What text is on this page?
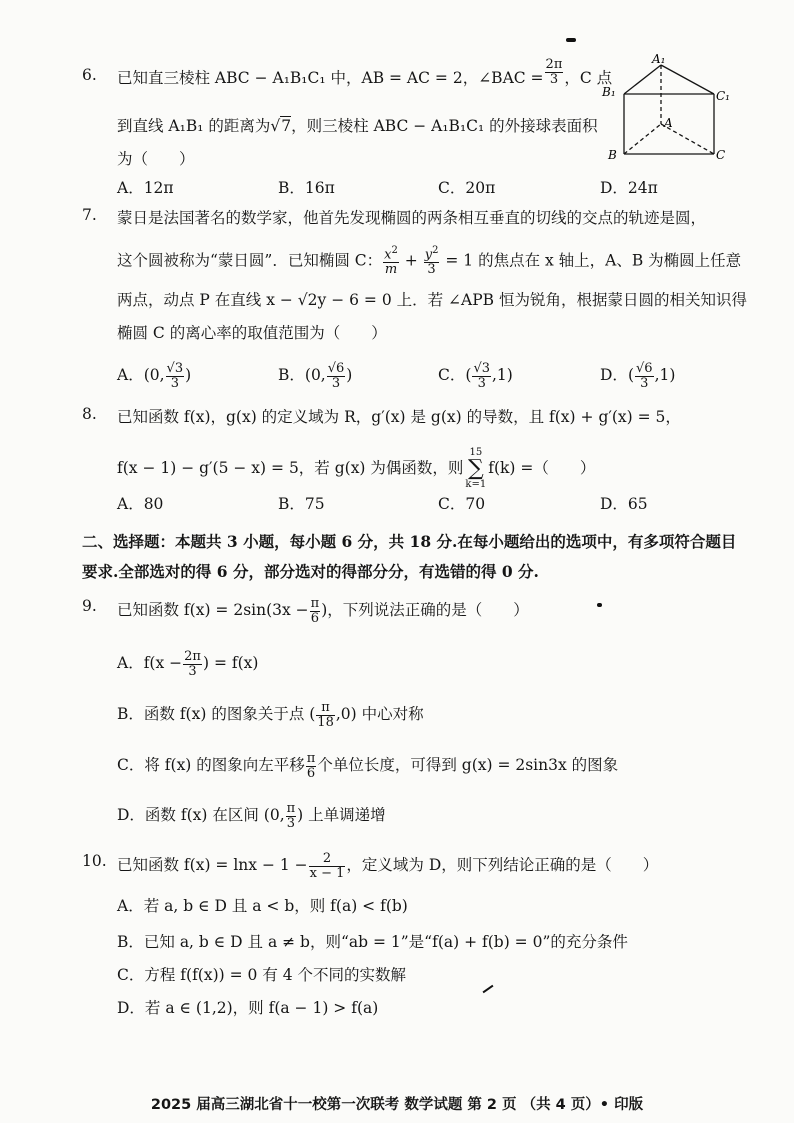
6. 已知直三棱柱 ABC − A₁B₁C₁ 中，AB = AC = 2，∠BAC = $\frac{2\pi}{3}$ ，C 点
到直线 A₁B₁ 的距离为√7，则三棱柱 ABC − A₁B₁C₁ 的外接球表面积
为（　　）
A．12π	B．16π	C．20π	D．24π
A₁
B₁	C₁
A
B	C
7. 蒙日是法国著名的数学家，他首先发现椭圆的两条相互垂直的切线的交点的轨迹是圆，
这个圆被称为“蒙日圆”．已知椭圆 C： $\frac{x^2}{m} + \frac{y^2}{3} = 1$ 的焦点在 x 轴上，A、B 为椭圆上任意
两点，动点 P 在直线 x − √2y − 6 = 0 上．若 ∠APB 恒为锐角，根据蒙日圆的相关知识得
椭圆 C 的离心率的取值范围为（　　）
A．(0, $\frac{√3}{3}$ )	B．(0, $\frac{√6}{3}$ )	C．( $\frac{√3}{3} ,1$)	D．( $\frac{√6}{3} ,1$)
8. 已知函数 f(x)，g(x) 的定义域为 R，g′(x) 是 g(x) 的导数，且 f(x) + g′(x) = 5，
f(x − 1) − g′(5 − x) = 5，若 g(x) 为偶函数，则15
∑
k=1f(k) =（　　）
A．80	B．75	C．70	D．65
二、选择题：本题共 3 小题，每小题 6 分，共 18 分.在每小题给出的选项中，有多项符合题目
要求.全部选对的得 6 分，部分选对的得部分分，有选错的得 0 分.
9. 已知函数 $f(x) = 2\sin(3x - \frac{\pi}{6}$ )，下列说法正确的是（　　）
A．$f(x - \frac{2\pi}{3}$ ) = f(x)
B．函数 f(x) 的图象关于点 ( $\frac{\pi}{18} ,0$) 中心对称
C．将 f(x) 的图象向左平移 $\frac{\pi}{6}$ 个单位长度，可得到 g(x) = 2sin3x 的图象
D．函数 f(x) 在区间 (0, $\frac{\pi}{3}$ ) 上单调递增
10. 已知函数 $f(x) = \ln x - 1 - \frac{2}{x - 1}$ ，定义域为 D，则下列结论正确的是（　　）
A．若 a, b ∈ D 且 a < b，则 f(a) < f(b)
B．已知 a, b ∈ D 且 a ≠ b，则“ab = 1”是“f(a) + f(b) = 0”的充分条件
C．方程 f(f(x)) = 0 有 4 个不同的实数解
D．若 a ∈ (1,2)，则 f(a − 1) > f(a)
2025 届高三湖北省十一校第一次联考 数学试题 第 2 页 （共 4 页）• 印版
